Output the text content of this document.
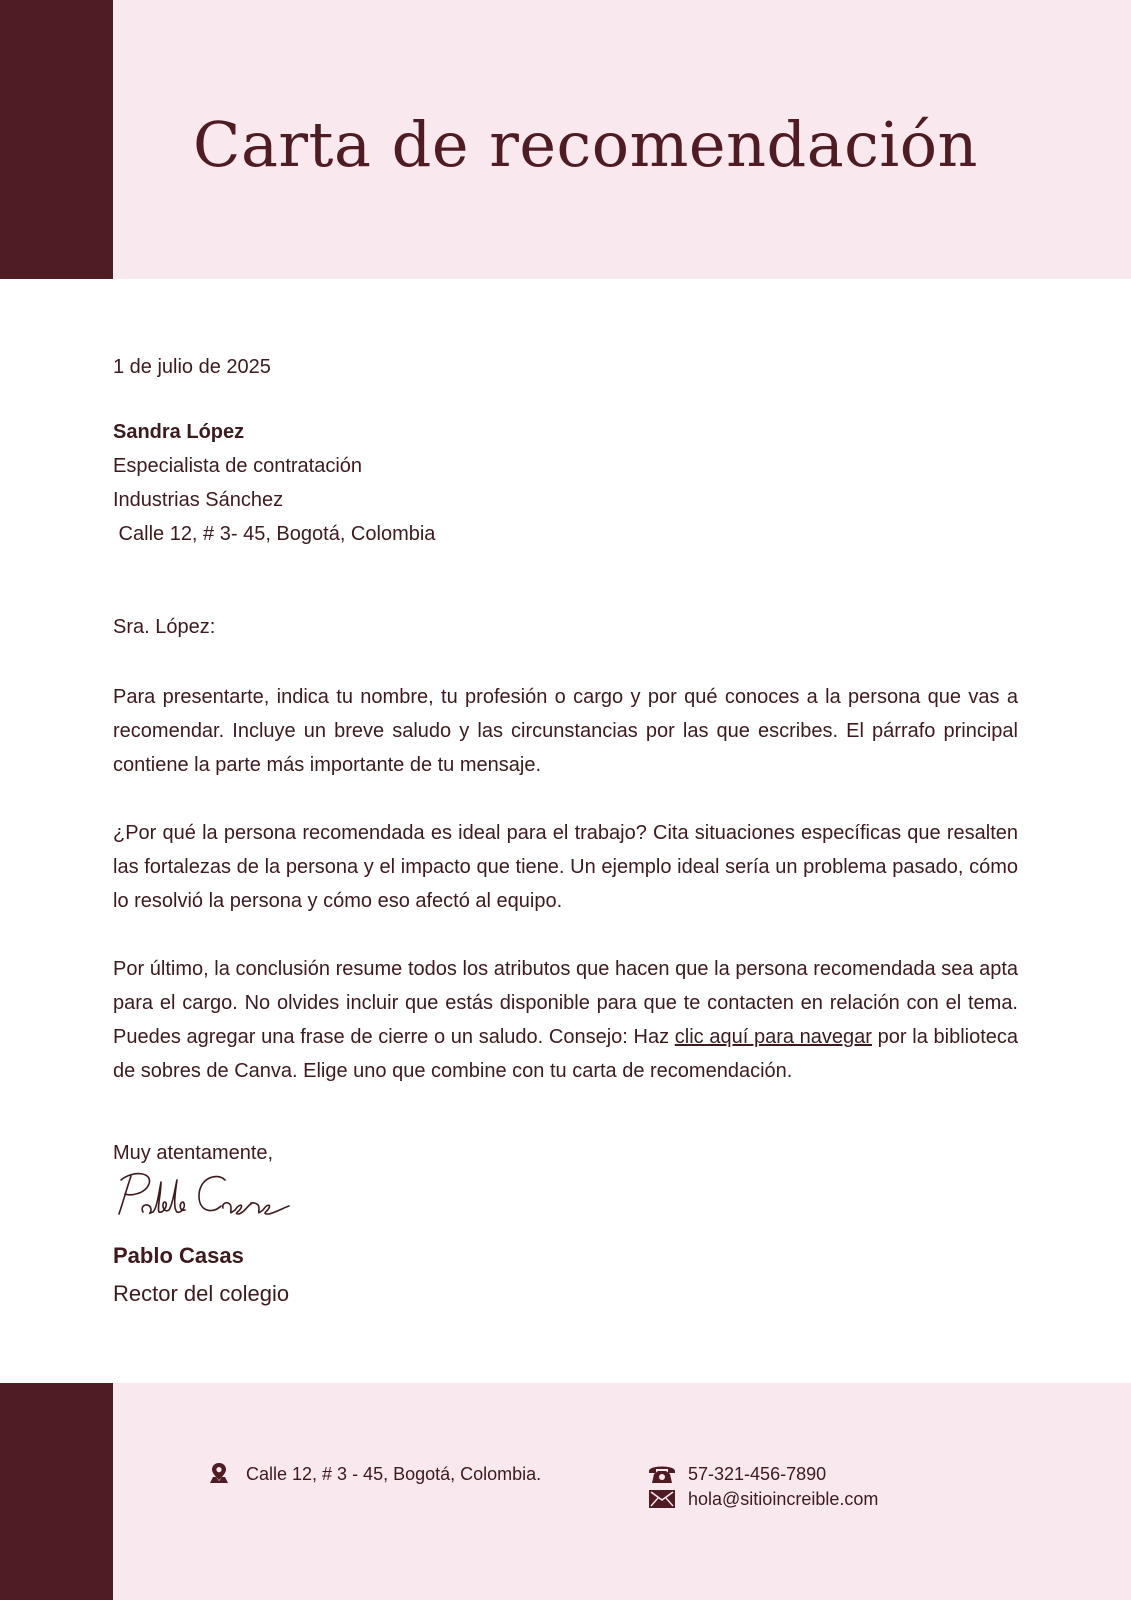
Carta de recomendación
1 de julio de 2025
Sandra López
Especialista de contratación
Industrias Sánchez
Calle 12, # 3- 45, Bogotá, Colombia
Sra. López:

Para presentarte, indica tu nombre, tu profesión o cargo y por qué conoces a la persona que vas a recomendar. Incluye un breve saludo y las circunstancias por las que escribes. El párrafo principal contiene la parte más importante de tu mensaje.

¿Por qué la persona recomendada es ideal para el trabajo? Cita situaciones específicas que resalten las fortalezas de la persona y el impacto que tiene. Un ejemplo ideal sería un problema pasado, cómo lo resolvió la persona y cómo eso afectó al equipo.

Por último, la conclusión resume todos los atributos que hacen que la persona recomendada sea apta para el cargo. No olvides incluir que estás disponible para que te contacten en relación con el tema. Puedes agregar una frase de cierre o un saludo. Consejo: Haz clic aquí para navegar por la biblioteca de sobres de Canva. Elige uno que combine con tu carta de recomendación.

Muy atentamente,
Pablo Casas
Rector del colegio
Calle 12, # 3 - 45, Bogotá, Colombia.	57-321-456-7890
hola@sitioincreible.com
